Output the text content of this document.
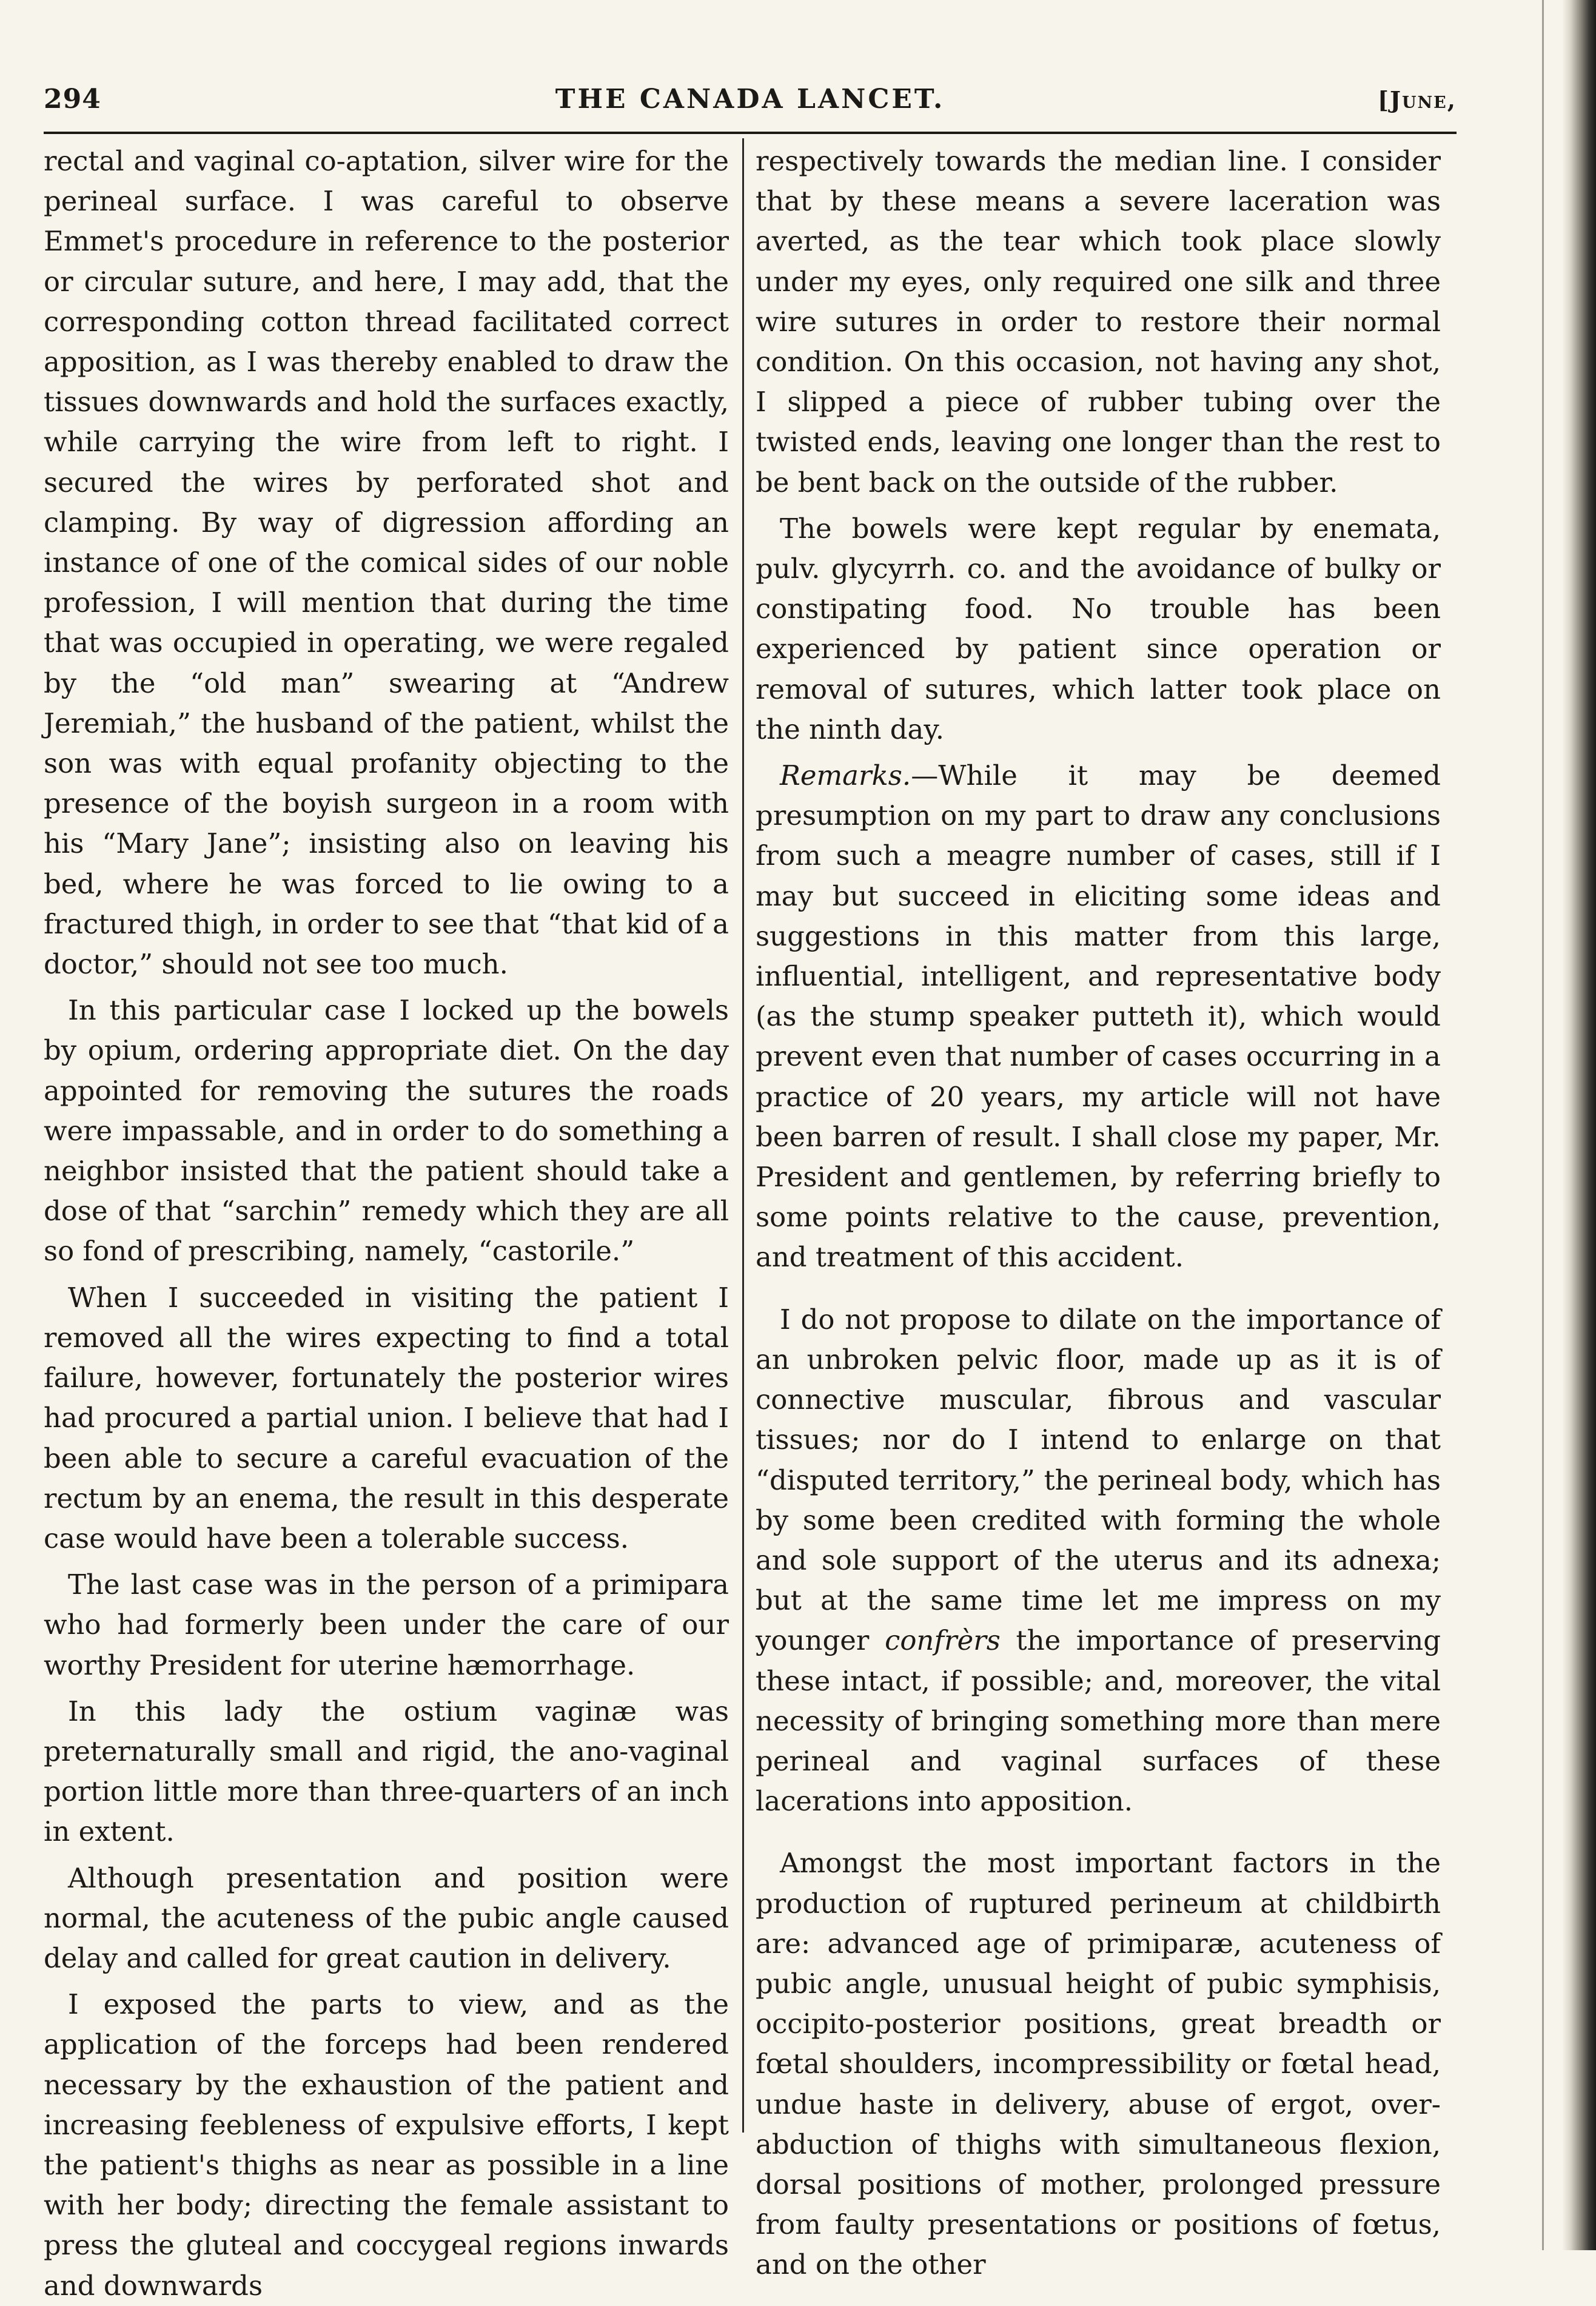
294	THE CANADA LANCET.	[June,

rectal and vaginal co-aptation, silver wire for the perineal surface. I was careful to observe Emmet's procedure in reference to the posterior or circular suture, and here, I may add, that the corresponding cotton thread facilitated correct apposition, as I was thereby enabled to draw the tissues downwards and hold the surfaces exactly, while carrying the wire from left to right. I secured the wires by perforated shot and clamping. By way of digression affording an instance of one of the comical sides of our noble profession, I will mention that during the time that was occupied in operating, we were regaled by the “old man” swearing at “Andrew Jeremiah,” the husband of the patient, whilst the son was with equal profanity objecting to the presence of the boyish surgeon in a room with his “Mary Jane”; insisting also on leaving his bed, where he was forced to lie owing to a fractured thigh, in order to see that “that kid of a doctor,” should not see too much.

In this particular case I locked up the bowels by opium, ordering appropriate diet. On the day appointed for removing the sutures the roads were impassable, and in order to do something a neighbor insisted that the patient should take a dose of that “sarchin” remedy which they are all so fond of prescribing, namely, “castorile.”

When I succeeded in visiting the patient I removed all the wires expecting to find a total failure, however, fortunately the posterior wires had procured a partial union. I believe that had I been able to secure a careful evacuation of the rectum by an enema, the result in this desperate case would have been a tolerable success.

The last case was in the person of a primipara who had formerly been under the care of our worthy President for uterine hæmorrhage.

In this lady the ostium vaginæ was preternaturally small and rigid, the ano-vaginal portion little more than three-quarters of an inch in extent.

Although presentation and position were normal, the acuteness of the pubic angle caused delay and called for great caution in delivery.

I exposed the parts to view, and as the application of the forceps had been rendered necessary by the exhaustion of the patient and increasing feebleness of expulsive efforts, I kept the patient's thighs as near as possible in a line with her body; directing the female assistant to press the gluteal and coccygeal regions inwards and downwards

respectively towards the median line. I consider that by these means a severe laceration was averted, as the tear which took place slowly under my eyes, only required one silk and three wire sutures in order to restore their normal condition. On this occasion, not having any shot, I slipped a piece of rubber tubing over the twisted ends, leaving one longer than the rest to be bent back on the outside of the rubber.

The bowels were kept regular by enemata, pulv. glycyrrh. co. and the avoidance of bulky or constipating food. No trouble has been experienced by patient since operation or removal of sutures, which latter took place on the ninth day.

Remarks.—While it may be deemed presumption on my part to draw any conclusions from such a meagre number of cases, still if I may but succeed in eliciting some ideas and suggestions in this matter from this large, influential, intelligent, and representative body (as the stump speaker putteth it), which would prevent even that number of cases occurring in a practice of 20 years, my article will not have been barren of result. I shall close my paper, Mr. President and gentlemen, by referring briefly to some points relative to the cause, prevention, and treatment of this accident.

I do not propose to dilate on the importance of an unbroken pelvic floor, made up as it is of connective muscular, fibrous and vascular tissues; nor do I intend to enlarge on that “disputed territory,” the perineal body, which has by some been credited with forming the whole and sole support of the uterus and its adnexa; but at the same time let me impress on my younger confrèrs the importance of preserving these intact, if possible; and, moreover, the vital necessity of bringing something more than mere perineal and vaginal surfaces of these lacerations into apposition.

Amongst the most important factors in the production of ruptured perineum at childbirth are: advanced age of primiparæ, acuteness of pubic angle, unusual height of pubic symphisis, occipito-posterior positions, great breadth or fœtal shoulders, incompressibility or fœtal head, undue haste in delivery, abuse of ergot, over-abduction of thighs with simultaneous flexion, dorsal positions of mother, prolonged pressure from faulty presentations or positions of fœtus, and on the other
